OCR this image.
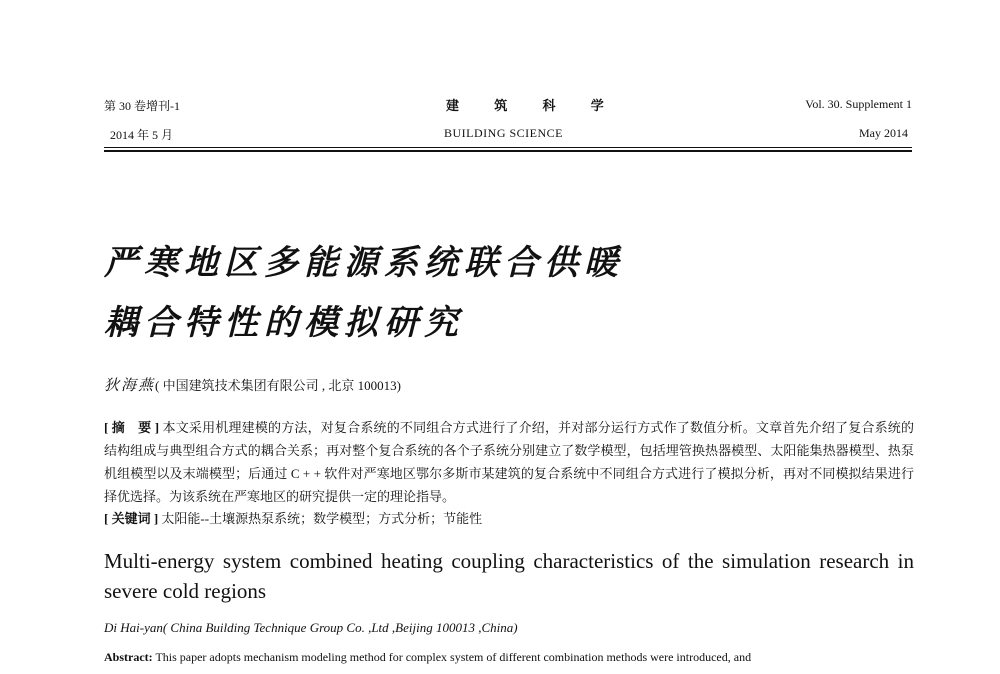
第 30 卷增刊-1
2014 年 5 月
建 筑 科 学
BUILDING SCIENCE
Vol. 30. Supplement 1
May 2014
严寒地区多能源系统联合供暖
耦合特性的模拟研究
狄海燕( 中国建筑技术集团有限公司 , 北京 100013)

[ 摘　要 ] 本文采用机理建模的方法，对复合系统的不同组合方式进行了介绍，并对部分运行方式作了数值分析。文章首先介绍了复合系统的结构组成与典型组合方式的耦合关系；再对整个复合系统的各个子系统分别建立了数学模型，包括埋管换热器模型、太阳能集热器模型、热泵机组模型以及末端模型；后通过 C + + 软件对严寒地区鄂尔多斯市某建筑的复合系统中不同组合方式进行了模拟分析，再对不同模拟结果进行择优选择。为该系统在严寒地区的研究提供一定的理论指导。

[ 关键词 ] 太阳能--土壤源热泵系统；数学模型；方式分析；节能性

Multi-energy system combined heating coupling characteristics of the simulation research in severe cold regions

Di Hai-yan( China Building Technique Group Co. ,Ltd ,Beijing 100013 ,China)
Abstract: This paper adopts mechanism modeling method for complex system of different combination methods were introduced, and
